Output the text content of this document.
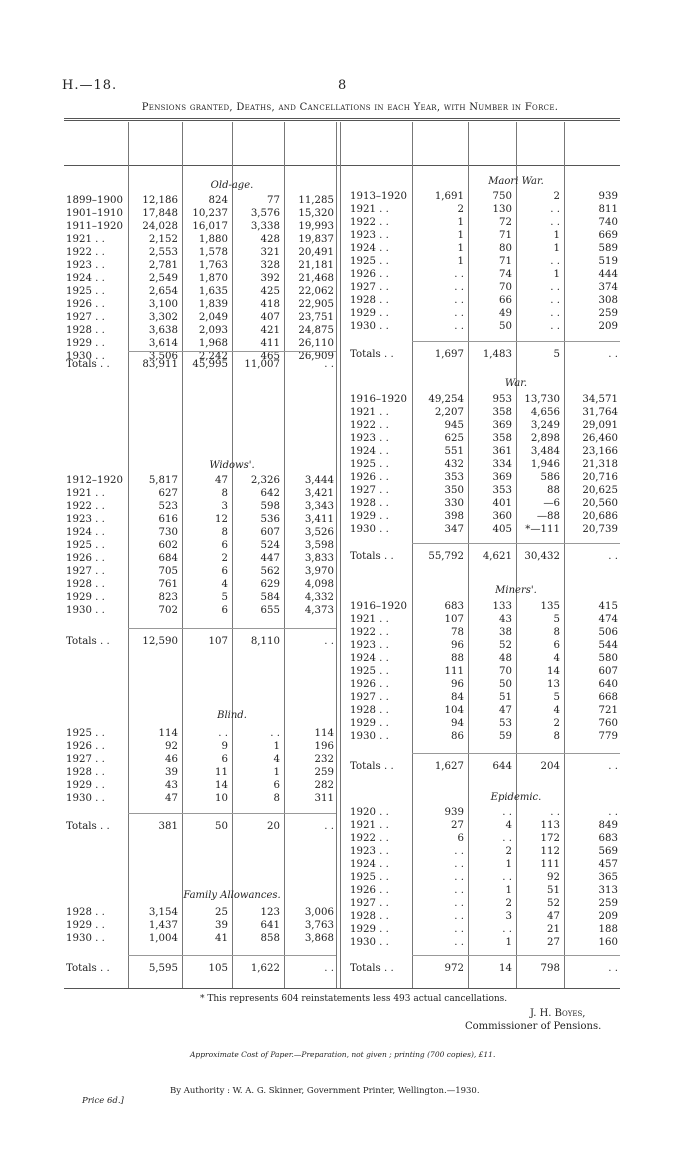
H.—18.	8
Pensions granted, Deaths, and Cancellations in each Year, with Number in Force.
Old-age.
1899–1900	12,186	824	77	11,285
1901–1910	17,848	10,237	3,576	15,320
1911–1920	24,028	16,017	3,338	19,993
1921 . .	2,152	1,880	428	19,837
1922 . .	2,553	1,578	321	20,491
1923 . .	2,781	1,763	328	21,181
1924 . .	2,549	1,870	392	21,468
1925 . .	2,654	1,635	425	22,062
1926 . .	3,100	1,839	418	22,905
1927 . .	3,302	2,049	407	23,751
1928 . .	3,638	2,093	421	24,875
1929 . .	3,614	1,968	411	26,110
1930 . .	3,506	2,242	465	26,909
Totals . .	83,911	45,995	11,007	. .
Widows'.
1912–1920	5,817	47	2,326	3,444
1921 . .	627	8	642	3,421
1922 . .	523	3	598	3,343
1923 . .	616	12	536	3,411
1924 . .	730	8	607	3,526
1925 . .	602	6	524	3,598
1926 . .	684	2	447	3,833
1927 . .	705	6	562	3,970
1928 . .	761	4	629	4,098
1929 . .	823	5	584	4,332
1930 . .	702	6	655	4,373
Totals . .	12,590	107	8,110	. .
Blind.
1925 . .	114	. .	. .	114
1926 . .	92	9	1	196
1927 . .	46	6	4	232
1928 . .	39	11	1	259
1929 . .	43	14	6	282
1930 . .	47	10	8	311
Totals . .	381	50	20	. .
Family Allowances.
1928 . .	3,154	25	123	3,006
1929 . .	1,437	39	641	3,763
1930 . .	1,004	41	858	3,868
Totals . .	5,595	105	1,622	. .
Maori War.
1913–1920	1,691	750	2	939
1921 . .	2	130	. .	811
1922 . .	1	72	. .	740
1923 . .	1	71	1	669
1924 . .	1	80	1	589
1925 . .	1	71	. .	519
1926 . .	. .	74	1	444
1927 . .	. .	70	. .	374
1928 . .	. .	66	. .	308
1929 . .	. .	49	. .	259
1930 . .	. .	50	. .	209
Totals . .	1,697	1,483	5	. .
War.
1916–1920	49,254	953	13,730	34,571
1921 . .	2,207	358	4,656	31,764
1922 . .	945	369	3,249	29,091
1923 . .	625	358	2,898	26,460
1924 . .	551	361	3,484	23,166
1925 . .	432	334	1,946	21,318
1926 . .	353	369	586	20,716
1927 . .	350	353	88	20,625
1928 . .	330	401	—6	20,560
1929 . .	398	360	—88	20,686
1930 . .	347	405	*—111	20,739
Totals . .	55,792	4,621	30,432	. .
Miners'.
1916–1920	683	133	135	415
1921 . .	107	43	5	474
1922 . .	78	38	8	506
1923 . .	96	52	6	544
1924 . .	88	48	4	580
1925 . .	111	70	14	607
1926 . .	96	50	13	640
1927 . .	84	51	5	668
1928 . .	104	47	4	721
1929 . .	94	53	2	760
1930 . .	86	59	8	779
Totals . .	1,627	644	204	. .
Epidemic.
1920 . .	939	. .	. .	. .
1921 . .	27	4	113	849
1922 . .	6	. .	172	683
1923 . .	. .	2	112	569
1924 . .	. .	1	111	457
1925 . .	. .	. .	92	365
1926 . .	. .	1	51	313
1927 . .	. .	2	52	259
1928 . .	. .	3	47	209
1929 . .	. .	. .	21	188
1930 . .	. .	1	27	160
Totals . .	972	14	798	. .
* This represents 604 reinstatements less 493 actual cancellations.
J. H. Boyes,
Commissioner of Pensions.
Approximate Cost of Paper.—Preparation, not given ; printing (700 copies), £11.
By Authority : W. A. G. Skinner, Government Printer, Wellington.—1930.
Price 6d.]
